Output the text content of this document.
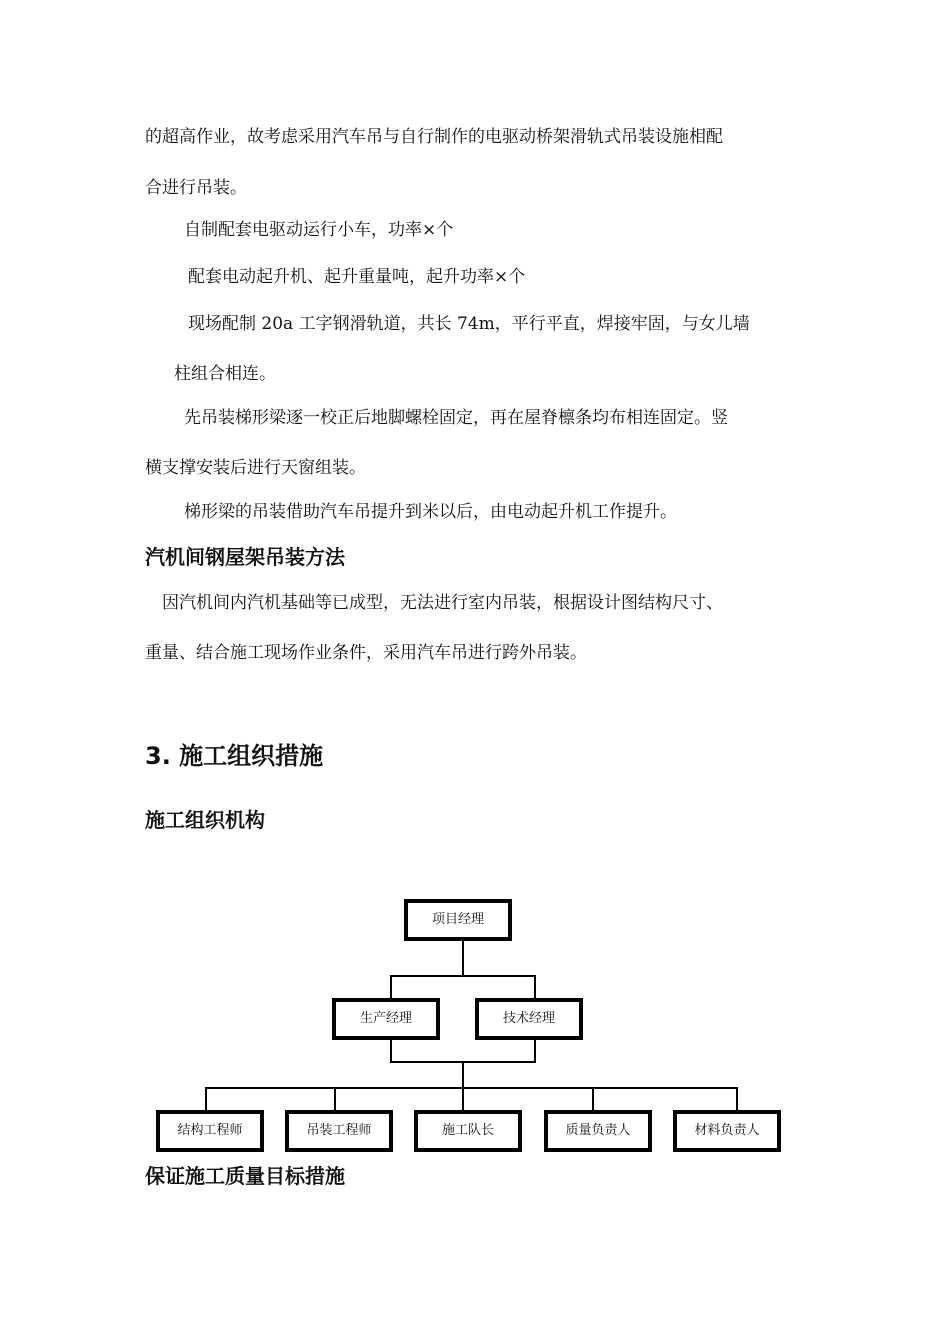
的超高作业，故考虑采用汽车吊与自行制作的电驱动桥架滑轨式吊装设施相配
合进行吊装。
自制配套电驱动运行小车，功率×个
配套电动起升机、起升重量吨，起升功率×个
现场配制 20a 工字钢滑轨道，共长 74m，平行平直，焊接牢固，与女儿墙
柱组合相连。
先吊装梯形梁逐一校正后地脚螺栓固定，再在屋脊檩条均布相连固定。竖
横支撑安装后进行天窗组装。
梯形梁的吊装借助汽车吊提升到米以后，由电动起升机工作提升。
汽机间钢屋架吊装方法
因汽机间内汽机基础等已成型，无法进行室内吊装，根据设计图结构尺寸、
重量、结合施工现场作业条件，采用汽车吊进行跨外吊装。
3. 施工组织措施
施工组织机构
项目经理
生产经理	技术经理
结构工程师	吊装工程师	施工队长	质量负责人	材料负责人
保证施工质量目标措施
